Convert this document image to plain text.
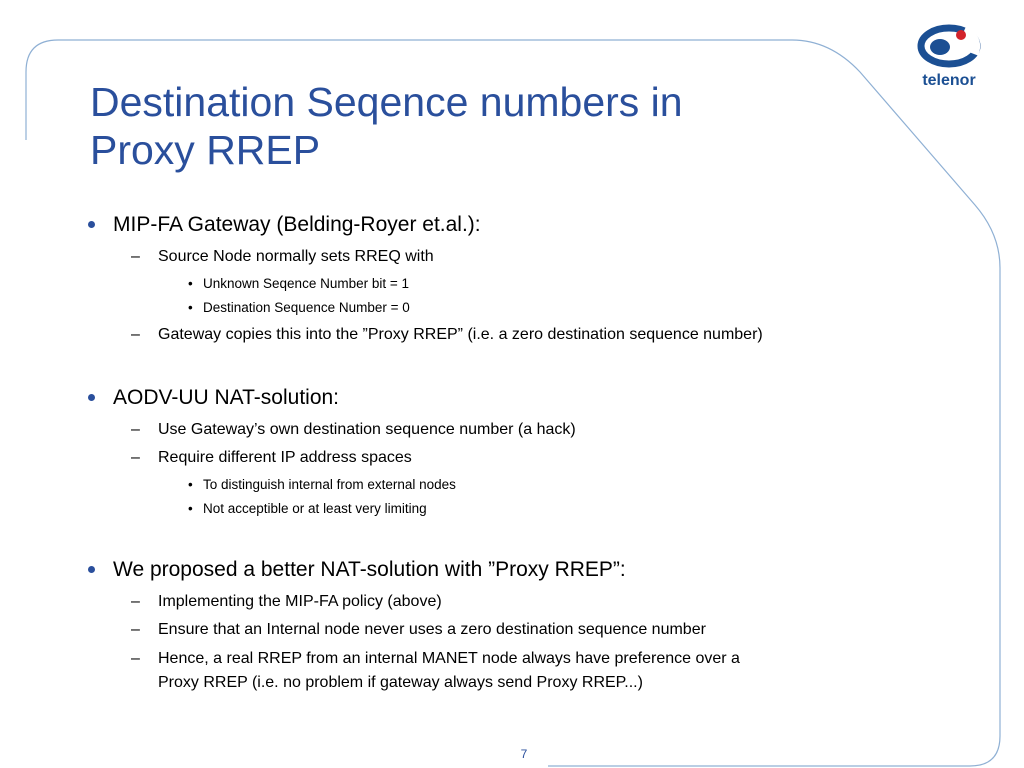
telenor
Destination Seqence numbers in
Proxy RREP
MIP-FA Gateway (Belding-Royer et.al.):
– Source Node normally sets RREQ with
• Unknown Seqence Number bit = 1
• Destination Sequence Number = 0
– Gateway copies this into the ”Proxy RREP” (i.e. a zero destination sequence number)
AODV-UU NAT-solution:
– Use Gateway’s own destination sequence number (a hack)
– Require different IP address spaces
• To distinguish internal from external nodes
• Not acceptible or at least very limiting
We proposed a better NAT-solution with ”Proxy RREP”:
– Implementing the MIP-FA policy (above)
– Ensure that an Internal node never uses a zero destination sequence number
– Hence, a real RREP from an internal MANET node always have preference over a
Proxy RREP (i.e. no problem if gateway always send Proxy RREP...)
7
